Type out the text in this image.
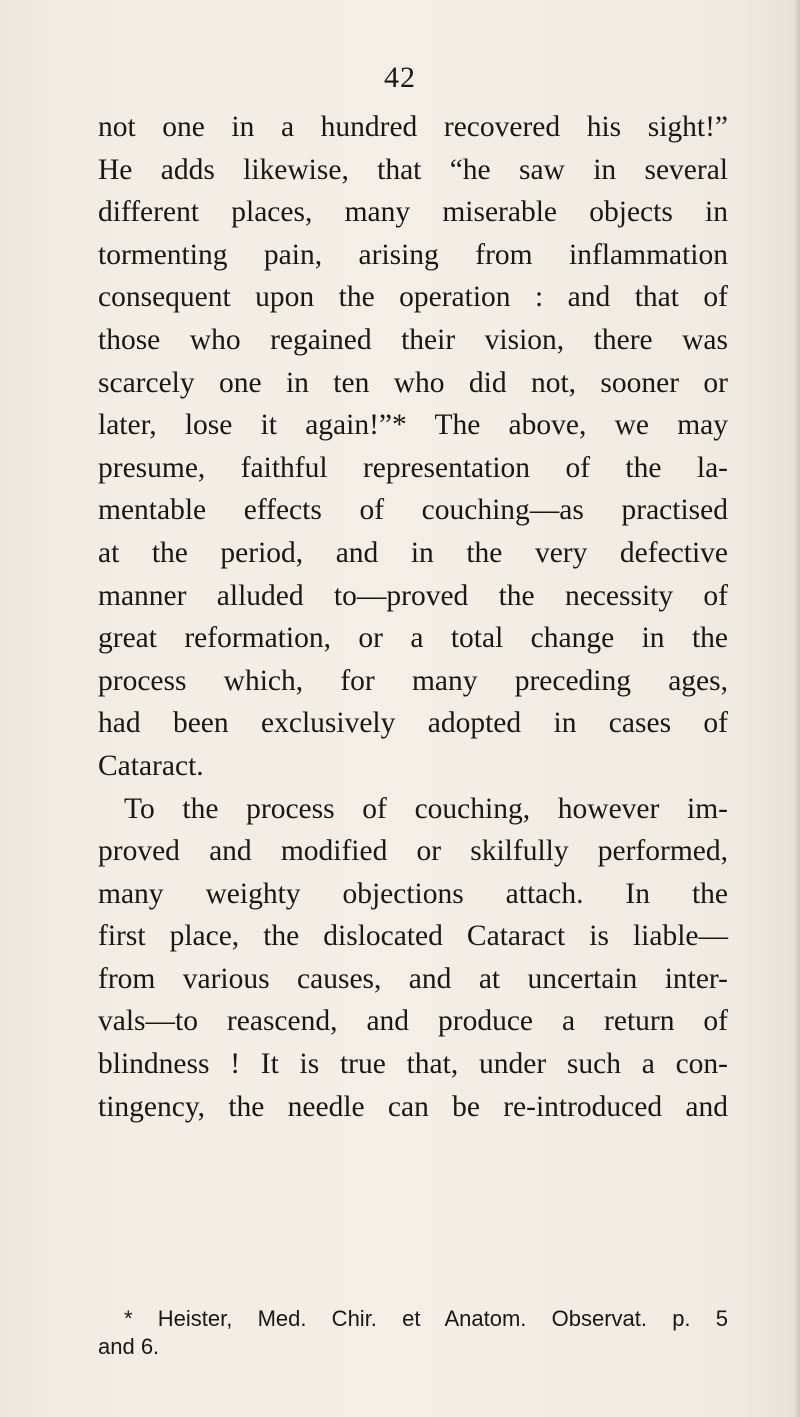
42
not one in a hundred recovered his sight!”
He adds likewise, that “he saw in several
different places, many miserable objects in
tormenting pain, arising from inflammation
consequent upon the operation : and that of
those who regained their vision, there was
scarcely one in ten who did not, sooner or
later, lose it again!”* The above, we may
presume, faithful representation of the la-
mentable effects of couching—as practised
at the period, and in the very defective
manner alluded to—proved the necessity of
great reformation, or a total change in the
process which, for many preceding ages,
had been exclusively adopted in cases of
Cataract.
To the process of couching, however im-
proved and modified or skilfully performed,
many weighty objections attach. In the
first place, the dislocated Cataract is liable—
from various causes, and at uncertain inter-
vals—to reascend, and produce a return of
blindness ! It is true that, under such a con-
tingency, the needle can be re-introduced and
* Heister, Med. Chir. et Anatom. Observat. p. 5
and 6.
